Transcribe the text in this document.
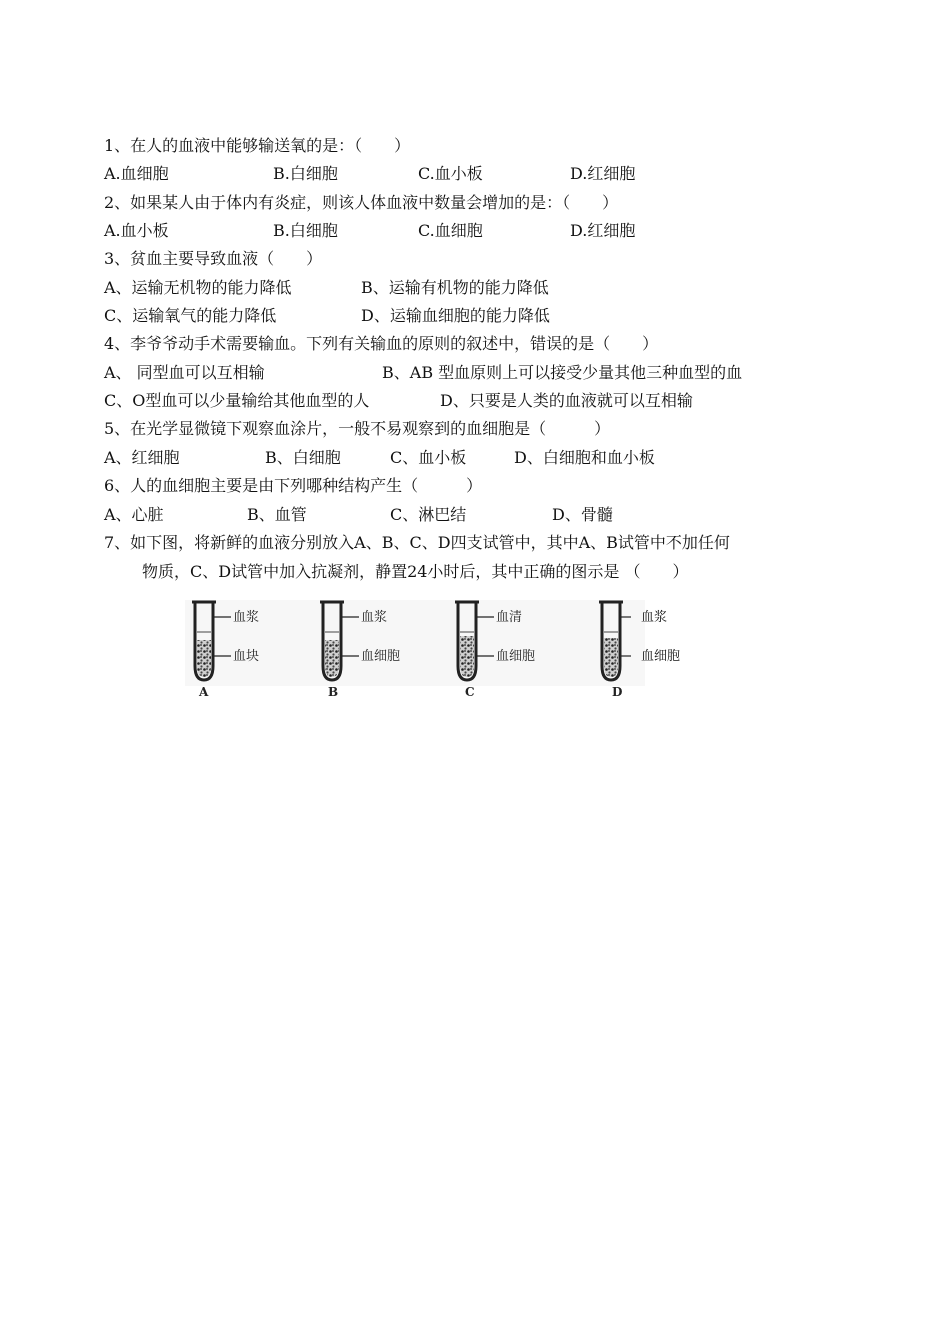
1、在人的血液中能够输送氧的是：（　　）
A.血细胞	B.白细胞	C.血小板	D.红细胞
2、如果某人由于体内有炎症，则该人体血液中数量会增加的是：（　　）
A.血小板	B.白细胞	C.血细胞	D.红细胞
3、贫血主要导致血液（　　）
A、运输无机物的能力降低	B、运输有机物的能力降低
C、运输氧气的能力降低	D、运输血细胞的能力降低
4、李爷爷动手术需要输血。下列有关输血的原则的叙述中，错误的是（　　）
A、 同型血可以互相输	B、AB 型血原则上可以接受少量其他三种血型的血
C、O型血可以少量输给其他血型的人	D、只要是人类的血液就可以互相输
5、在光学显微镜下观察血涂片，一般不易观察到的血细胞是（　　　）
A、红细胞	B、白细胞	C、血小板	D、白细胞和血小板
6、人的血细胞主要是由下列哪种结构产生（　　　）
A、心脏	B、血管	C、淋巴结	D、骨髓
7、如下图，将新鲜的血液分别放入A、B、C、D四支试管中，其中A、B试管中不加任何
物质，C、D试管中加入抗凝剂，静置24小时后，其中正确的图示是 （　　）
血浆
血块
A
血浆
血细胞
B
血清
血细胞
C	D
血浆
血细胞
